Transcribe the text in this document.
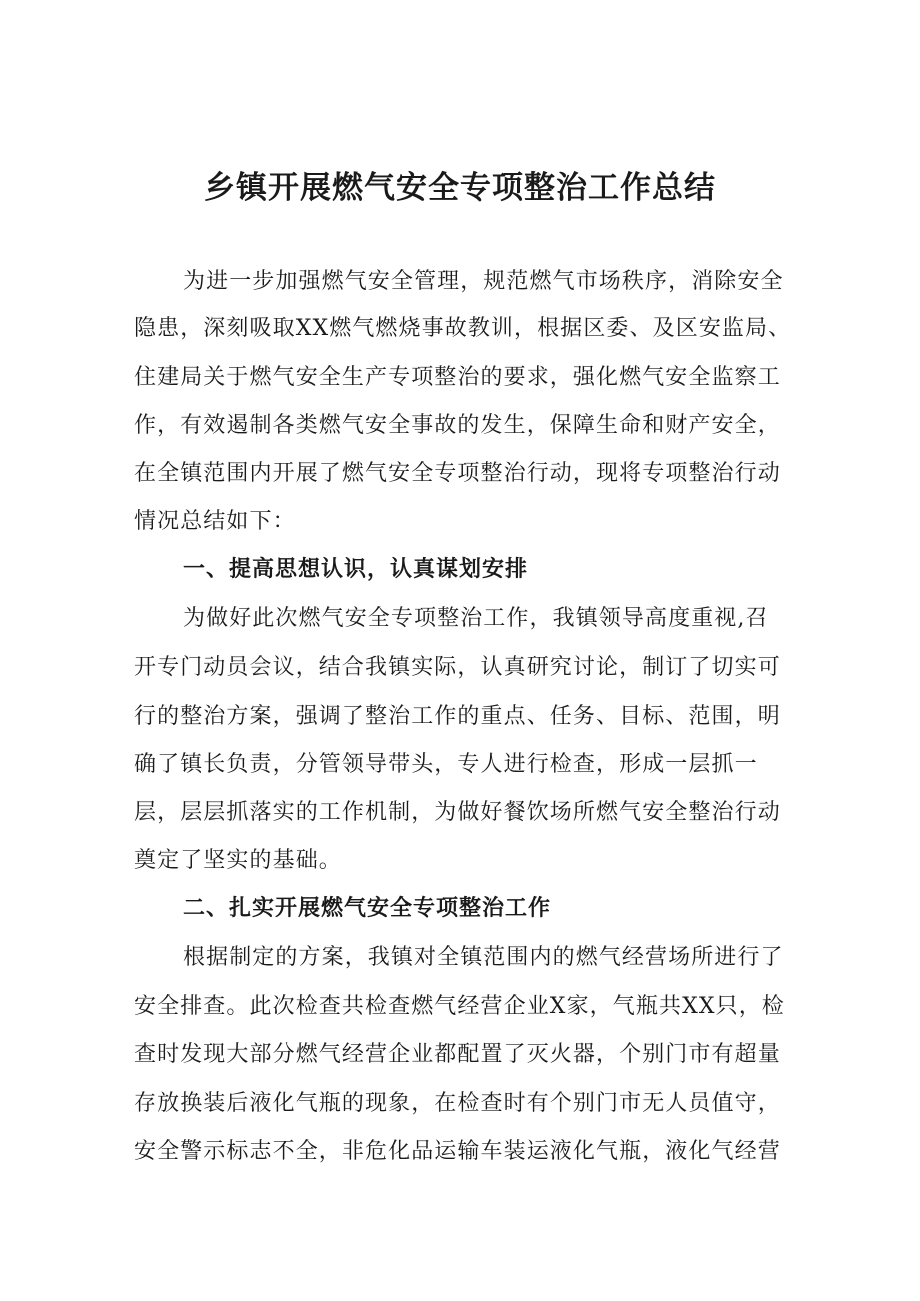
乡镇开展燃气安全专项整治工作总结
为进一步加强燃气安全管理，规范燃气市场秩序，消除安全
隐患，深刻吸取XX燃气燃烧事故教训，根据区委、及区安监局、
住建局关于燃气安全生产专项整治的要求，强化燃气安全监察工
作，有效遏制各类燃气安全事故的发生，保障生命和财产安全，
在全镇范围内开展了燃气安全专项整治行动，现将专项整治行动
情况总结如下：
一、提高思想认识，认真谋划安排
为做好此次燃气安全专项整治工作，我镇领导高度重视,召
开专门动员会议，结合我镇实际，认真研究讨论，制订了切实可
行的整治方案，强调了整治工作的重点、任务、目标、范围，明
确了镇长负责，分管领导带头，专人进行检查，形成一层抓一
层，层层抓落实的工作机制，为做好餐饮场所燃气安全整治行动
奠定了坚实的基础。
二、扎实开展燃气安全专项整治工作
根据制定的方案，我镇对全镇范围内的燃气经营场所进行了
安全排查。此次检查共检查燃气经营企业X家，气瓶共XX只，检
查时发现大部分燃气经营企业都配置了灭火器，个别门市有超量
存放换装后液化气瓶的现象，在检查时有个别门市无人员值守，
安全警示标志不全，非危化品运输车装运液化气瓶，液化气经营
